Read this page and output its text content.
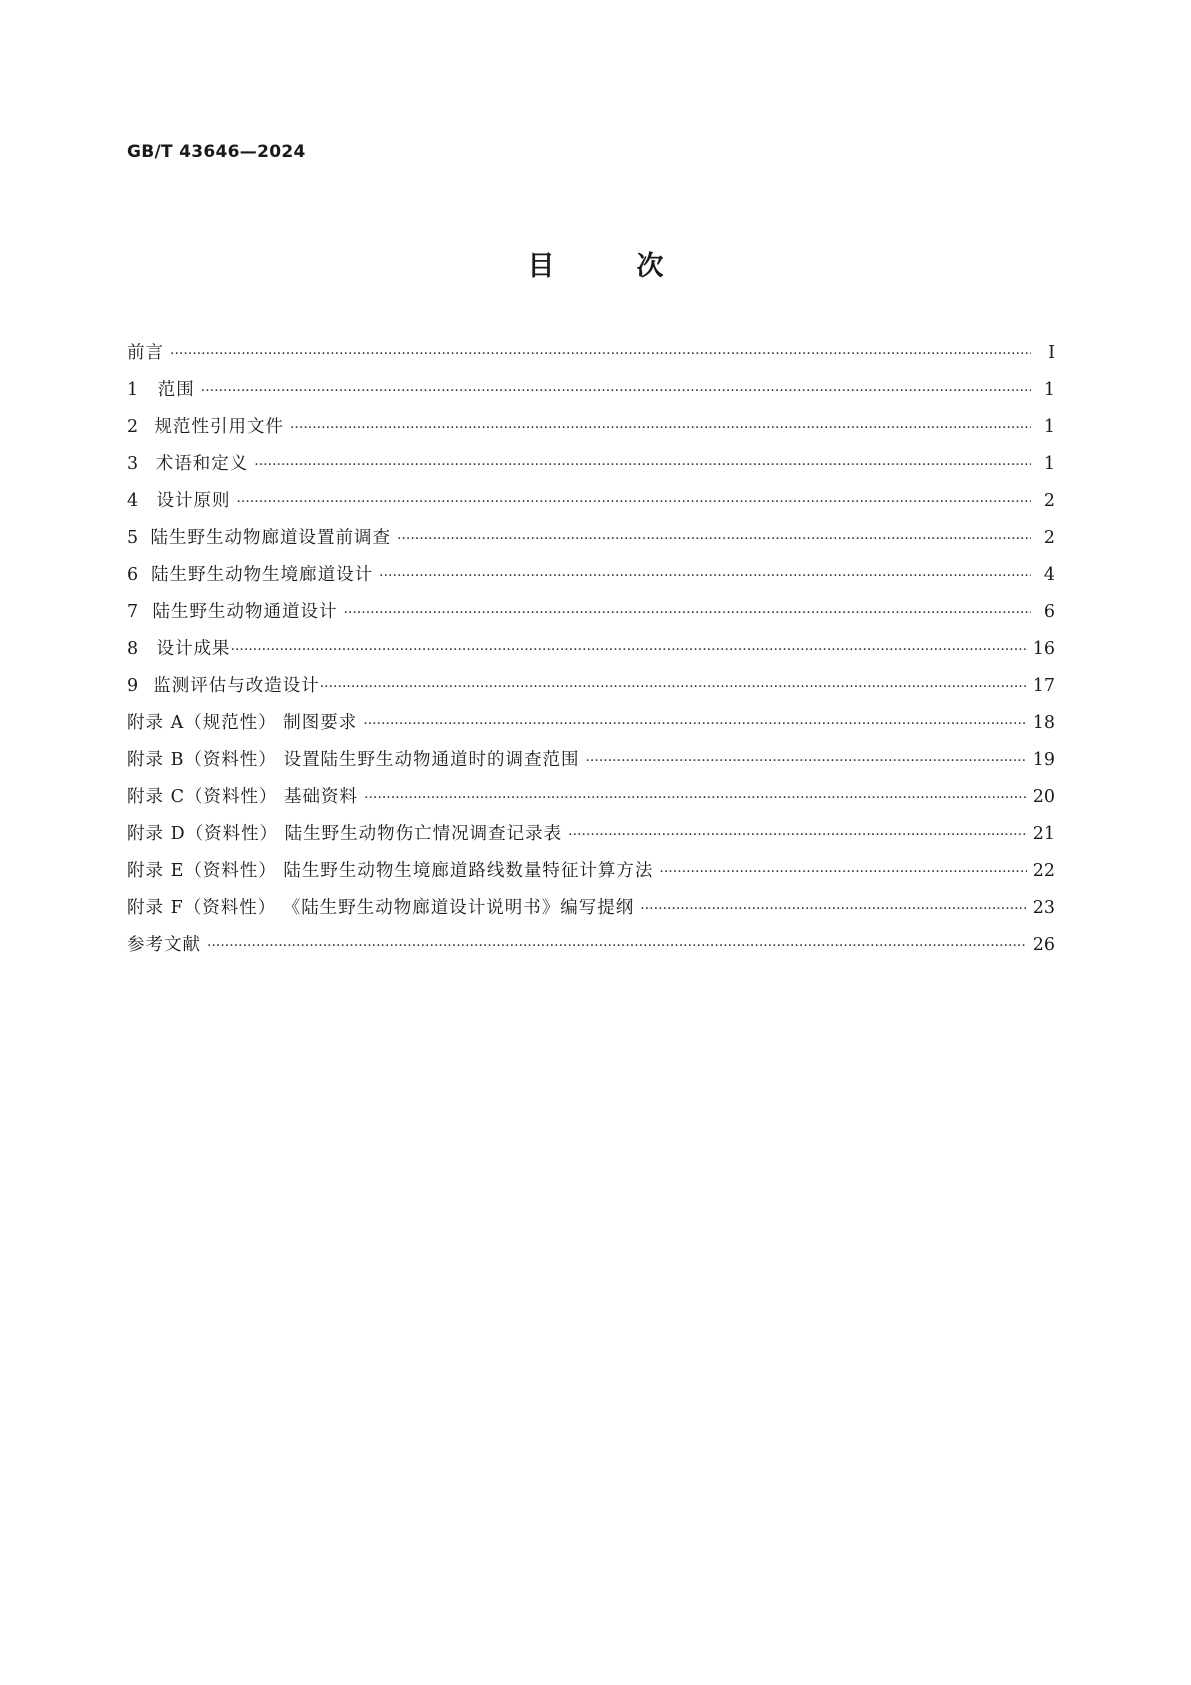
GB/T 43646—2024
目	次
前言 ·····	Ⅰ
1	范围 ·····	1
2 规范性引用文件 ·····	1
3 术语和定义 ·····	1
4 设计原则 ·····	2
5 陆生野生动物廊道设置前调查 ·····	2
6 陆生野生动物生境廊道设计 ·····	4
7 陆生野生动物通道设计 ·····	6
8 设计成果 ·····	16
9 监测评估与改造设计 ·····	17
附录 A（规范性） 制图要求 ·····	18
附录 B（资料性） 设置陆生野生动物通道时的调查范围 ·····	19
附录 C（资料性） 基础资料 ·····	20
附录 D（资料性） 陆生野生动物伤亡情况调查记录表 ·····	21
附录 E（资料性） 陆生野生动物生境廊道路线数量特征计算方法 ·····	22
附录 F（资料性） 《陆生野生动物廊道设计说明书》编写提纲 ·····	23
参考文献 ·····	26
